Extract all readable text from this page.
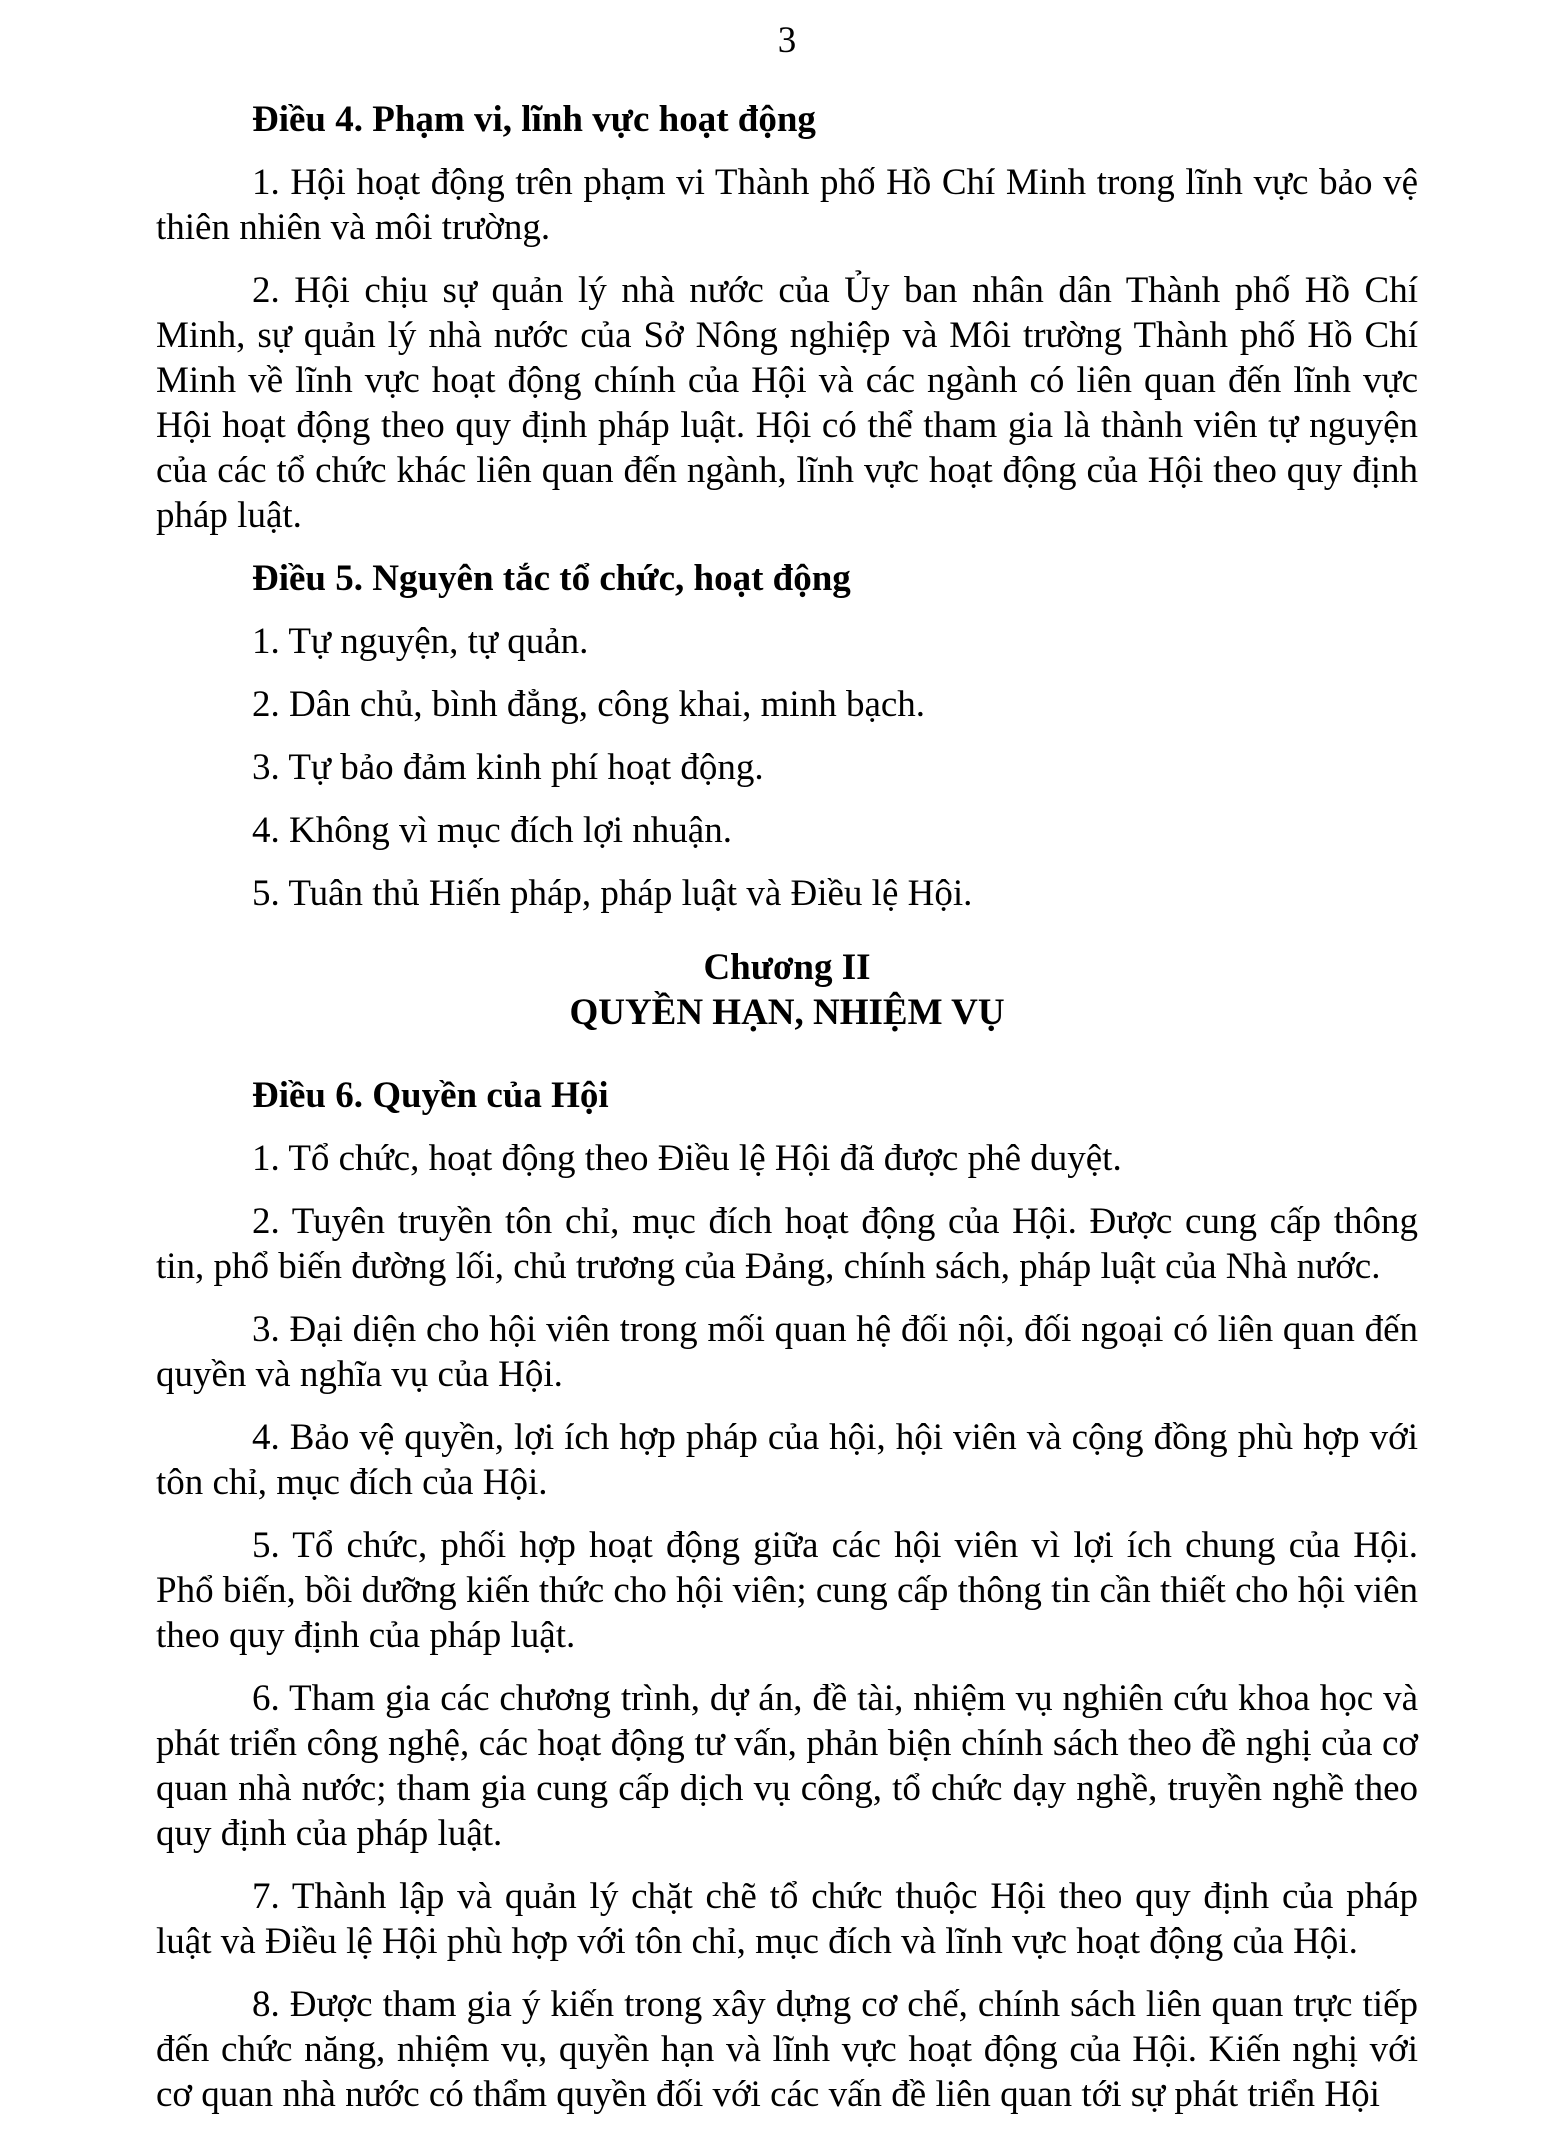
3
Điều 4. Phạm vi, lĩnh vực hoạt động

1. Hội hoạt động trên phạm vi Thành phố Hồ Chí Minh trong lĩnh vực bảo vệ thiên nhiên và môi trường.

2. Hội chịu sự quản lý nhà nước của Ủy ban nhân dân Thành phố Hồ Chí Minh, sự quản lý nhà nước của Sở Nông nghiệp và Môi trường Thành phố Hồ Chí Minh về lĩnh vực hoạt động chính của Hội và các ngành có liên quan đến lĩnh vực Hội hoạt động theo quy định pháp luật. Hội có thể tham gia là thành viên tự nguyện của các tổ chức khác liên quan đến ngành, lĩnh vực hoạt động của Hội theo quy định pháp luật.

Điều 5. Nguyên tắc tổ chức, hoạt động

1. Tự nguyện, tự quản.

2. Dân chủ, bình đẳng, công khai, minh bạch.

3. Tự bảo đảm kinh phí hoạt động.

4. Không vì mục đích lợi nhuận.

5. Tuân thủ Hiến pháp, pháp luật và Điều lệ Hội.

Chương II
QUYỀN HẠN, NHIỆM VỤ
Điều 6. Quyền của Hội

1. Tổ chức, hoạt động theo Điều lệ Hội đã được phê duyệt.

2. Tuyên truyền tôn chỉ, mục đích hoạt động của Hội. Được cung cấp thông tin, phổ biến đường lối, chủ trương của Đảng, chính sách, pháp luật của Nhà nước.

3. Đại diện cho hội viên trong mối quan hệ đối nội, đối ngoại có liên quan đến quyền và nghĩa vụ của Hội.

4. Bảo vệ quyền, lợi ích hợp pháp của hội, hội viên và cộng đồng phù hợp với tôn chỉ, mục đích của Hội.

5. Tổ chức, phối hợp hoạt động giữa các hội viên vì lợi ích chung của Hội. Phổ biến, bồi dưỡng kiến thức cho hội viên; cung cấp thông tin cần thiết cho hội viên theo quy định của pháp luật.

6. Tham gia các chương trình, dự án, đề tài, nhiệm vụ nghiên cứu khoa học và phát triển công nghệ, các hoạt động tư vấn, phản biện chính sách theo đề nghị của cơ quan nhà nước; tham gia cung cấp dịch vụ công, tổ chức dạy nghề, truyền nghề theo quy định của pháp luật.

7. Thành lập và quản lý chặt chẽ tổ chức thuộc Hội theo quy định của pháp luật và Điều lệ Hội phù hợp với tôn chỉ, mục đích và lĩnh vực hoạt động của Hội.

8. Được tham gia ý kiến trong xây dựng cơ chế, chính sách liên quan trực tiếp đến chức năng, nhiệm vụ, quyền hạn và lĩnh vực hoạt động của Hội. Kiến nghị với cơ quan nhà nước có thẩm quyền đối với các vấn đề liên quan tới sự phát triển Hội
